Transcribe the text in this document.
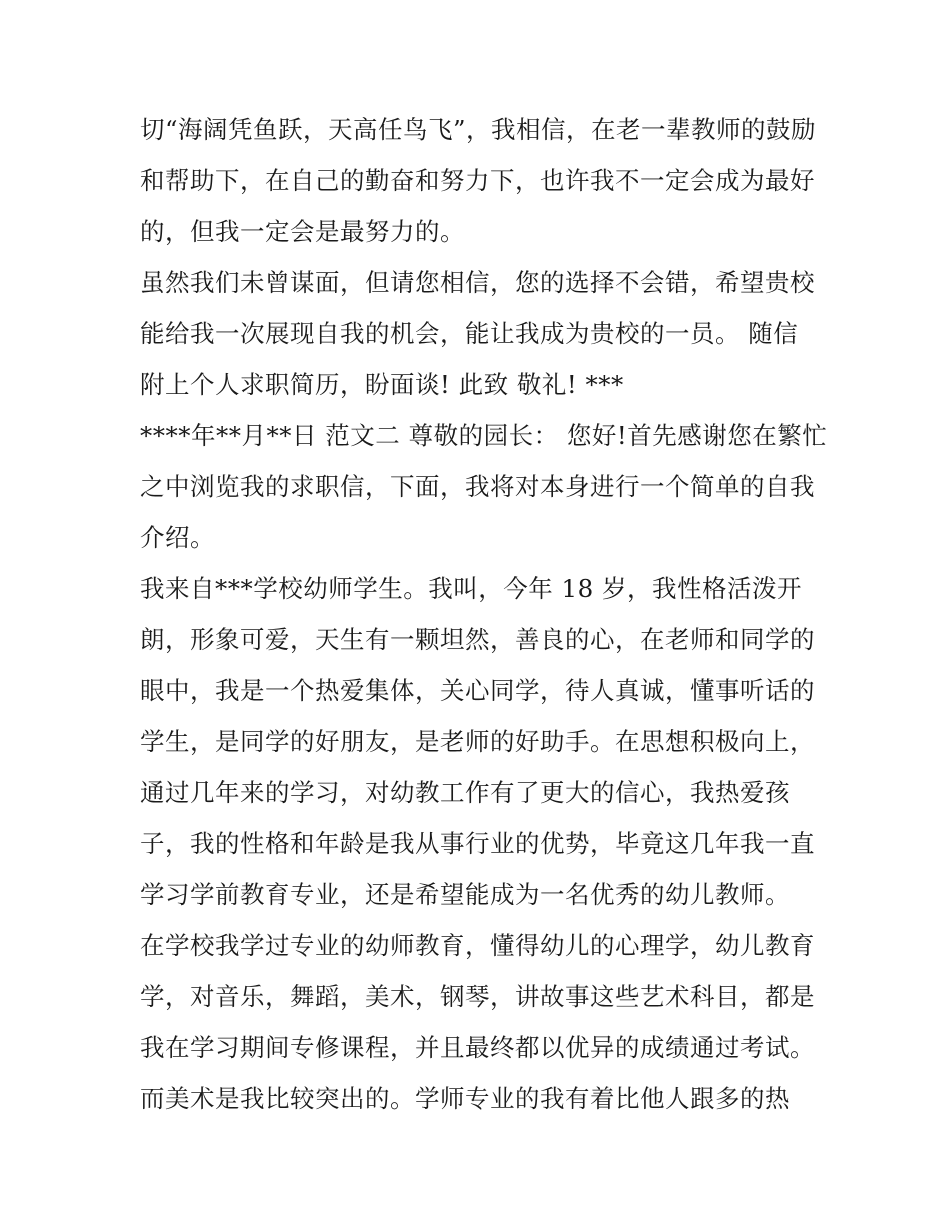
切“海阔凭鱼跃，天高任鸟飞”，我相信，在老一辈教师的鼓励
和帮助下，在自己的勤奋和努力下，也许我不一定会成为最好
的，但我一定会是最努力的。
虽然我们未曾谋面，但请您相信，您的选择不会错，希望贵校
能给我一次展现自我的机会，能让我成为贵校的一员。 随信
附上个人求职简历，盼面谈! 此致 敬礼! ***
****年**月**日 范文二 尊敬的园长： 您好!首先感谢您在繁忙
之中浏览我的求职信，下面，我将对本身进行一个简单的自我
介绍。
我来自***学校幼师学生。我叫，今年 18 岁，我性格活泼开
朗，形象可爱，天生有一颗坦然，善良的心，在老师和同学的
眼中，我是一个热爱集体，关心同学，待人真诚，懂事听话的
学生，是同学的好朋友，是老师的好助手。在思想积极向上，
通过几年来的学习，对幼教工作有了更大的信心，我热爱孩
子，我的性格和年龄是我从事行业的优势，毕竟这几年我一直
学习学前教育专业，还是希望能成为一名优秀的幼儿教师。
在学校我学过专业的幼师教育，懂得幼儿的心理学，幼儿教育
学，对音乐，舞蹈，美术，钢琴，讲故事这些艺术科目，都是
我在学习期间专修课程，并且最终都以优异的成绩通过考试。
而美术是我比较突出的。学师专业的我有着比他人跟多的热
